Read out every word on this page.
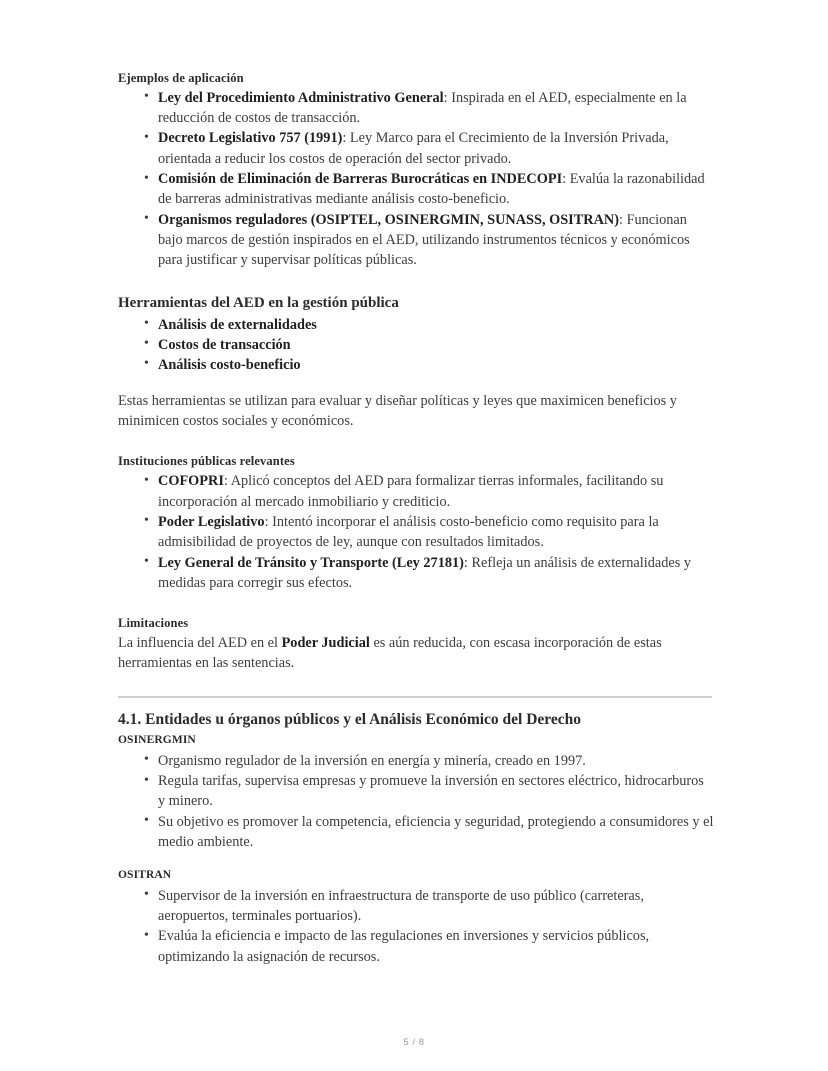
Ejemplos de aplicación
• Ley del Procedimiento Administrativo General: Inspirada en el AED, especialmente en la reducción de costos de transacción.
• Decreto Legislativo 757 (1991): Ley Marco para el Crecimiento de la Inversión Privada, orientada a reducir los costos de operación del sector privado.
• Comisión de Eliminación de Barreras Burocráticas en INDECOPI: Evalúa la razonabilidad de barreras administrativas mediante análisis costo-beneficio.
• Organismos reguladores (OSIPTEL, OSINERGMIN, SUNASS, OSITRAN): Funcionan bajo marcos de gestión inspirados en el AED, utilizando instrumentos técnicos y económicos para justificar y supervisar políticas públicas.
Herramientas del AED en la gestión pública
• Análisis de externalidades
• Costos de transacción
• Análisis costo-beneficio

Estas herramientas se utilizan para evaluar y diseñar políticas y leyes que maximicen beneficios y minimicen costos sociales y económicos.

Instituciones públicas relevantes
• COFOPRI: Aplicó conceptos del AED para formalizar tierras informales, facilitando su incorporación al mercado inmobiliario y crediticio.
• Poder Legislativo: Intentó incorporar el análisis costo-beneficio como requisito para la admisibilidad de proyectos de ley, aunque con resultados limitados.
• Ley General de Tránsito y Transporte (Ley 27181): Refleja un análisis de externalidades y medidas para corregir sus efectos.
Limitaciones

La influencia del AED en el Poder Judicial es aún reducida, con escasa incorporación de estas herramientas en las sentencias.

4.1. Entidades u órganos públicos y el Análisis Económico del Derecho
OSINERGMIN
• Organismo regulador de la inversión en energía y minería, creado en 1997.
• Regula tarifas, supervisa empresas y promueve la inversión en sectores eléctrico, hidrocarburos y minero.
• Su objetivo es promover la competencia, eficiencia y seguridad, protegiendo a consumidores y el medio ambiente.
OSITRAN
• Supervisor de la inversión en infraestructura de transporte de uso público (carreteras, aeropuertos, terminales portuarios).
• Evalúa la eficiencia e impacto de las regulaciones en inversiones y servicios públicos, optimizando la asignación de recursos.
5 / 8
